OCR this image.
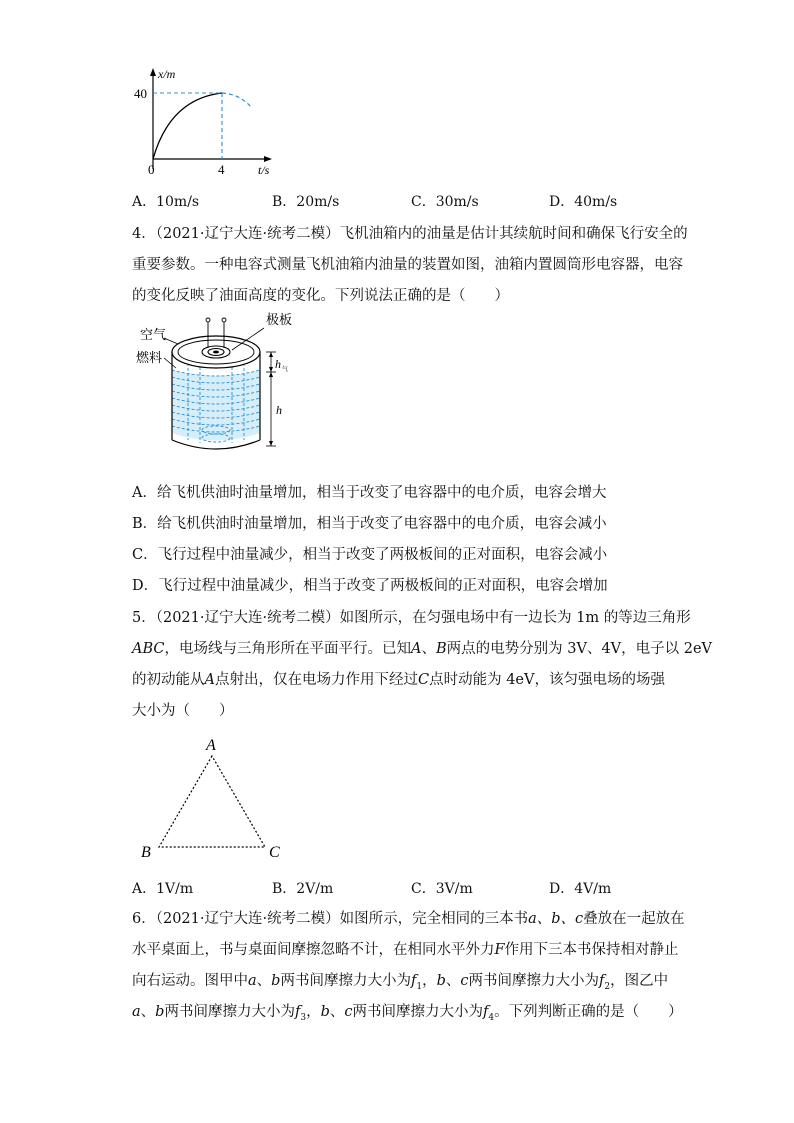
x/m
40
4
0	t/s
A．10m/s	B．20m/s	C．30m/s	D．40m/s
4．（2021·辽宁大连·统考二模）飞机油箱内的油量是估计其续航时间和确保飞行安全的
重要参数。一种电容式测量飞机油箱内油量的装置如图，油箱内置圆筒形电容器，电容
的变化反映了油面高度的变化。下列说法正确的是（　　）
空气
燃料
极板
h 气
h
A．给飞机供油时油量增加，相当于改变了电容器中的电介质，电容会增大
B．给飞机供油时油量增加，相当于改变了电容器中的电介质，电容会减小
C．飞行过程中油量减少，相当于改变了两极板间的正对面积，电容会减小
D．飞行过程中油量减少，相当于改变了两极板间的正对面积，电容会增加
5．（2021·辽宁大连·统考二模）如图所示，在匀强电场中有一边长为 1m 的等边三角形
ABC，电场线与三角形所在平面平行。已知A、B两点的电势分别为 3V、4V，电子以 2eV
的初动能从A点射出，仅在电场力作用下经过C点时动能为 4eV，该匀强电场的场强
大小为（　　）
A
B	C
A．1V/m	B．2V/m	C．3V/m	D．4V/m
6．（2021·辽宁大连·统考二模）如图所示，完全相同的三本书a、b、c叠放在一起放在
水平桌面上，书与桌面间摩擦忽略不计，在相同水平外力F作用下三本书保持相对静止
向右运动。图甲中a、b两书间摩擦力大小为$f_1$，b、c两书间摩擦力大小为$f_2$，图乙中
a、b两书间摩擦力大小为$f_3$，b、c两书间摩擦力大小为$f_4$。下列判断正确的是（　　）
